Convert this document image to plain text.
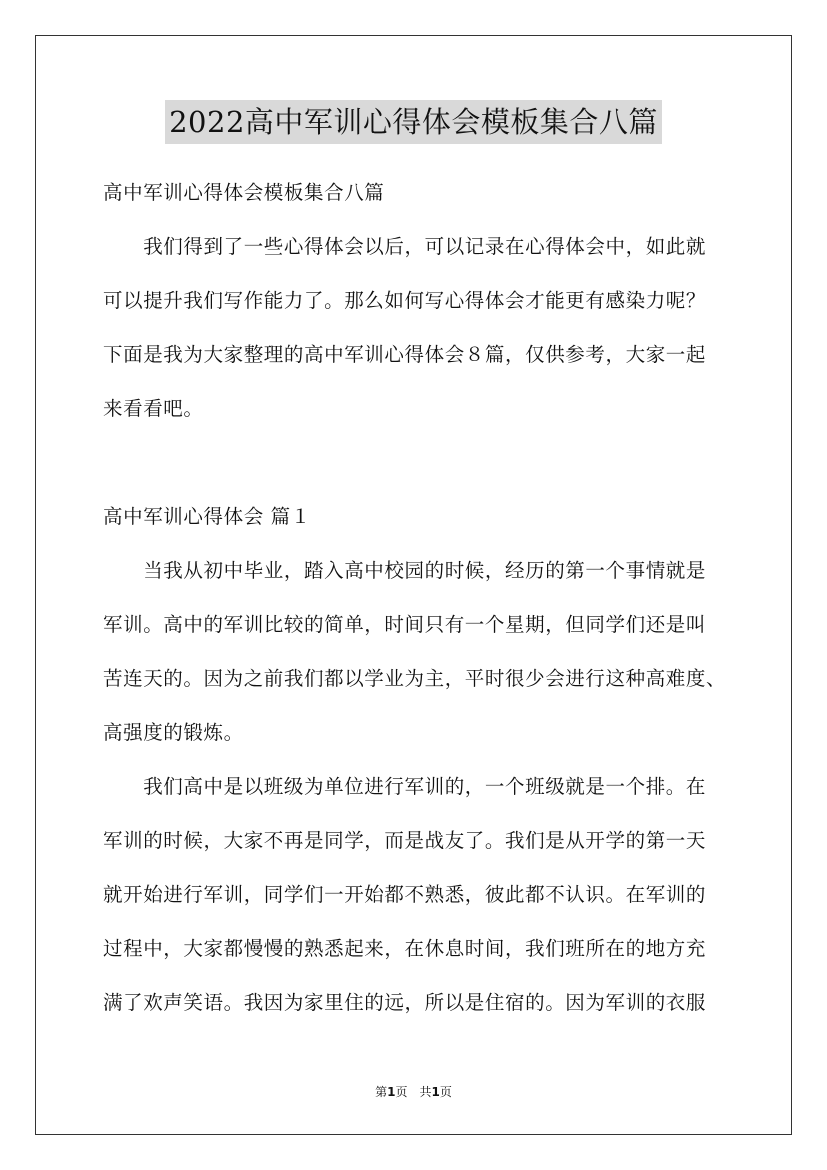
2022高中军训心得体会模板集合八篇
高中军训心得体会模板集合八篇
　　我们得到了一些心得体会以后，可以记录在心得体会中，如此就
可以提升我们写作能力了。那么如何写心得体会才能更有感染力呢？
下面是我为大家整理的高中军训心得体会８篇，仅供参考，大家一起
来看看吧。
高中军训心得体会 篇１
　　当我从初中毕业，踏入高中校园的时候，经历的第一个事情就是
军训。高中的军训比较的简单，时间只有一个星期，但同学们还是叫
苦连天的。因为之前我们都以学业为主，平时很少会进行这种高难度、
高强度的锻炼。
　　我们高中是以班级为单位进行军训的，一个班级就是一个排。在
军训的时候，大家不再是同学，而是战友了。我们是从开学的第一天
就开始进行军训，同学们一开始都不熟悉，彼此都不认识。在军训的
过程中，大家都慢慢的熟悉起来，在休息时间，我们班所在的地方充
满了欢声笑语。我因为家里住的远，所以是住宿的。因为军训的衣服
第1页　共1页
